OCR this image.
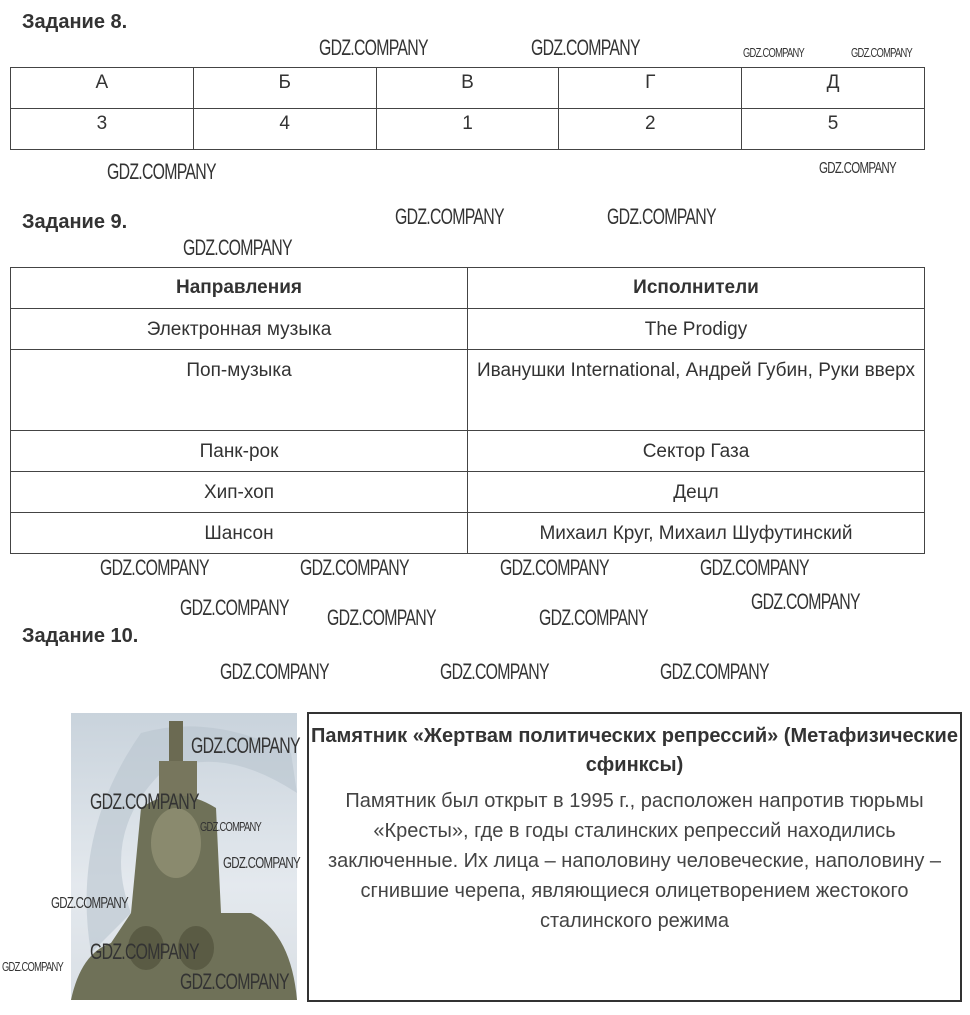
Задание 8.
А	Б	В	Г	Д
3	4	1	2	5
Задание 9.
Направления	Исполнители
Электронная музыка	The Prodigy
Поп-музыка	Иванушки International, Андрей Губин, Руки вверх
Панк-рок	Сектор Газа
Хип-хоп	Децл
Шансон	Михаил Круг, Михаил Шуфутинский
Задание 10.
Памятник «Жертвам политических репрессий» (Метафизические сфинксы)
Памятник был открыт в 1995 г., расположен напротив тюрьмы «Кресты», где в годы сталинских репрессий находились заключенные. Их лица – наполовину человеческие, наполовину – сгнившие черепа, являющиеся олицетворением жестокого сталинского режима
GDZ.COMPANY	GDZ.COMPANY
GDZ.COMPANY	GDZ.COMPANY
GDZ.COMPANY	GDZ.COMPANY
GDZ.COMPANY	GDZ.COMPANY
GDZ.COMPANY
GDZ.COMPANY	GDZ.COMPANY	GDZ.COMPANY	GDZ.COMPANY
GDZ.COMPANY	GDZ.COMPANY
GDZ.COMPANY
GDZ.COMPANY GDZ.COMPANY	GDZ.COMPANY
GDZ.COMPANY
GDZ.COMPANY
GDZ.COMPANY
GDZ.COMPANY
GDZ.COMPANY
GDZ.COMPANY
GDZ.COMPANY
GDZ.COMPANY
GDZ.COMPANY
